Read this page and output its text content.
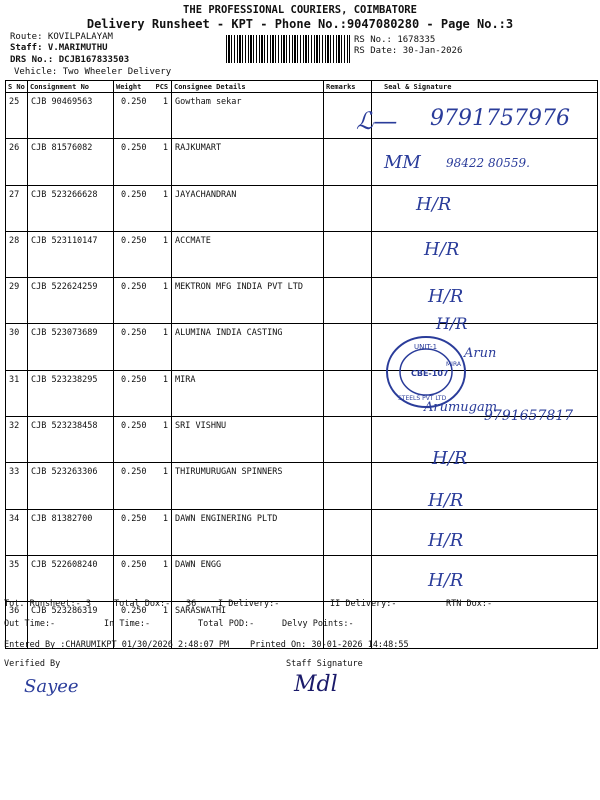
THE PROFESSIONAL COURIERS, COIMBATORE
Delivery Runsheet - KPT - Phone No.:9047080280 - Page No.:3
Route: KOVILPALAYAM
Staff: V.MARIMUTHU
DRS No.: DCJB167833503
Vehicle: Two Wheeler Delivery
RS No.: 1678335
RS Date: 30-Jan-2026
S No	Consignment No	Weight	PCS	Consignee Details	Remarks	Seal & Signature
25	CJB 90469563	0.250	1	Gowtham sekar		
26	CJB 81576082	0.250	1	RAJKUMART		
27	CJB 523266628	0.250	1	JAYACHANDRAN		
28	CJB 523110147	0.250	1	ACCMATE		
29	CJB 522624259	0.250	1	MEKTRON MFG INDIA PVT LTD		
30	CJB 523073689	0.250	1	ALUMINA INDIA CASTING		
31	CJB 523238295	0.250	1	MIRA		
32	CJB 523238458	0.250	1	SRI VISHNU		
33	CJB 523263306	0.250	1	THIRUMURUGAN SPINNERS		
34	CJB 81382700	0.250	1	DAWN ENGINERING PLTD		
35	CJB 522608240	0.250	1	DAWN ENGG		
36	CJB 523286319	0.250	1	SARASWATHI		
ℒ— 9791757976
MM 98422 80559.
H/R
H/R
H/R
H/R
UNIT-1
MIRA
STEELS PVT LTD
CBE-107
Arun
Arumugam
9791657817
H/R
H/R
H/R
H/R
Tot. Runsheet:- 3	Total Dox:- 36	I Delivery:-	II Delivery:-	RTN Dox:-
Out Time:-	In Time:-	Total POD:-	Delvy Points:-
Entered By :CHARUMIKPT 01/30/2026 2:48:07 PM Printed On: 30-01-2026 14:48:55
Verified By	Staff Signature
Sayee	Mdl
